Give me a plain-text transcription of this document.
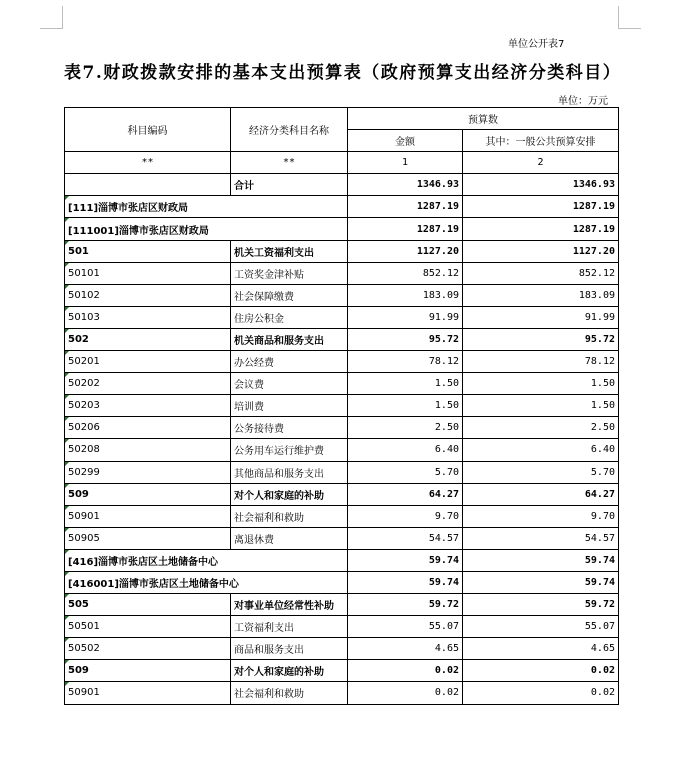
单位公开表7
表7.财政拨款安排的基本支出预算表（政府预算支出经济分类科目）
单位：万元
科目编码	经济分类科目名称	预算数	
		金额	其中：一般公共预算安排
**	**	1	2
	合计	1346.93	1346.93
[111]淄博市张店区财政局		1287.19	1287.19
[111001]淄博市张店区财政局		1287.19	1287.19
501	机关工资福利支出	1127.20	1127.20
50101	工资奖金津补贴	852.12	852.12
50102	社会保障缴费	183.09	183.09
50103	住房公积金	91.99	91.99
502	机关商品和服务支出	95.72	95.72
50201	办公经费	78.12	78.12
50202	会议费	1.50	1.50
50203	培训费	1.50	1.50
50206	公务接待费	2.50	2.50
50208	公务用车运行维护费	6.40	6.40
50299	其他商品和服务支出	5.70	5.70
509	对个人和家庭的补助	64.27	64.27
50901	社会福利和救助	9.70	9.70
50905	离退休费	54.57	54.57
[416]淄博市张店区土地储备中心		59.74	59.74
[416001]淄博市张店区土地储备中心		59.74	59.74
505	对事业单位经常性补助	59.72	59.72
50501	工资福利支出	55.07	55.07
50502	商品和服务支出	4.65	4.65
509	对个人和家庭的补助	0.02	0.02
50901	社会福利和救助	0.02	0.02
